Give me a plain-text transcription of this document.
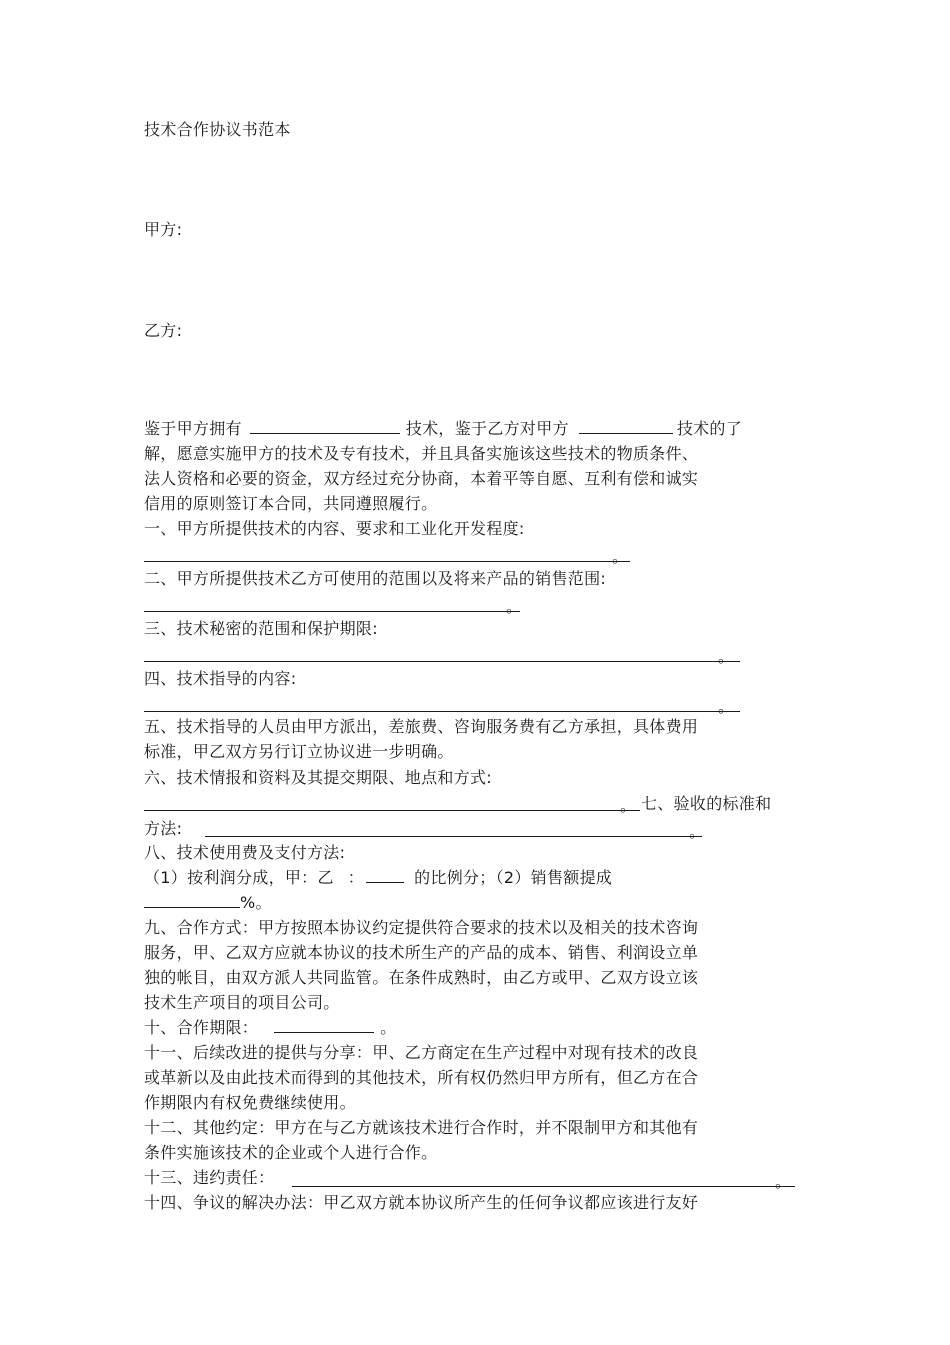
技术合作协议书范本
甲方:
乙方:
鉴于甲方拥有	技术，鉴于乙方对甲方	技术的了
解，愿意实施甲方的技术及专有技术，并且具备实施该这些技术的物质条件、
法人资格和必要的资金，双方经过充分协商，本着平等自愿、互利有偿和诚实
信用的原则签订本合同，共同遵照履行。
一、甲方所提供技术的内容、要求和工业化开发程度:
。
二、甲方所提供技术乙方可使用的范围以及将来产品的销售范围:
。
三、技术秘密的范围和保护期限:
。
四、技术指导的内容:
。
五、技术指导的人员由甲方派出，差旅费、咨询服务费有乙方承担，具体费用
标准，甲乙双方另行订立协议进一步明确。
六、技术情报和资料及其提交期限、地点和方式:
。 七、验收的标准和
方法:	。
八、技术使用费及支付方法:
（1）按利润分成，甲：乙 ：	的比例分；（2）销售额提成
%。
九、合作方式：甲方按照本协议约定提供符合要求的技术以及相关的技术咨询
服务，甲、乙双方应就本协议的技术所生产的产品的成本、销售、利润设立单
独的帐目，由双方派人共同监管。在条件成熟时，由乙方或甲、乙双方设立该
技术生产项目的项目公司。
十、合作期限：	。
十一、后续改进的提供与分享：甲、乙方商定在生产过程中对现有技术的改良
或革新以及由此技术而得到的其他技术，所有权仍然归甲方所有，但乙方在合
作期限内有权免费继续使用。
十二、其他约定：甲方在与乙方就该技术进行合作时，并不限制甲方和其他有
条件实施该技术的企业或个人进行合作。
十三、违约责任：	。
十四、争议的解决办法：甲乙双方就本协议所产生的任何争议都应该进行友好
